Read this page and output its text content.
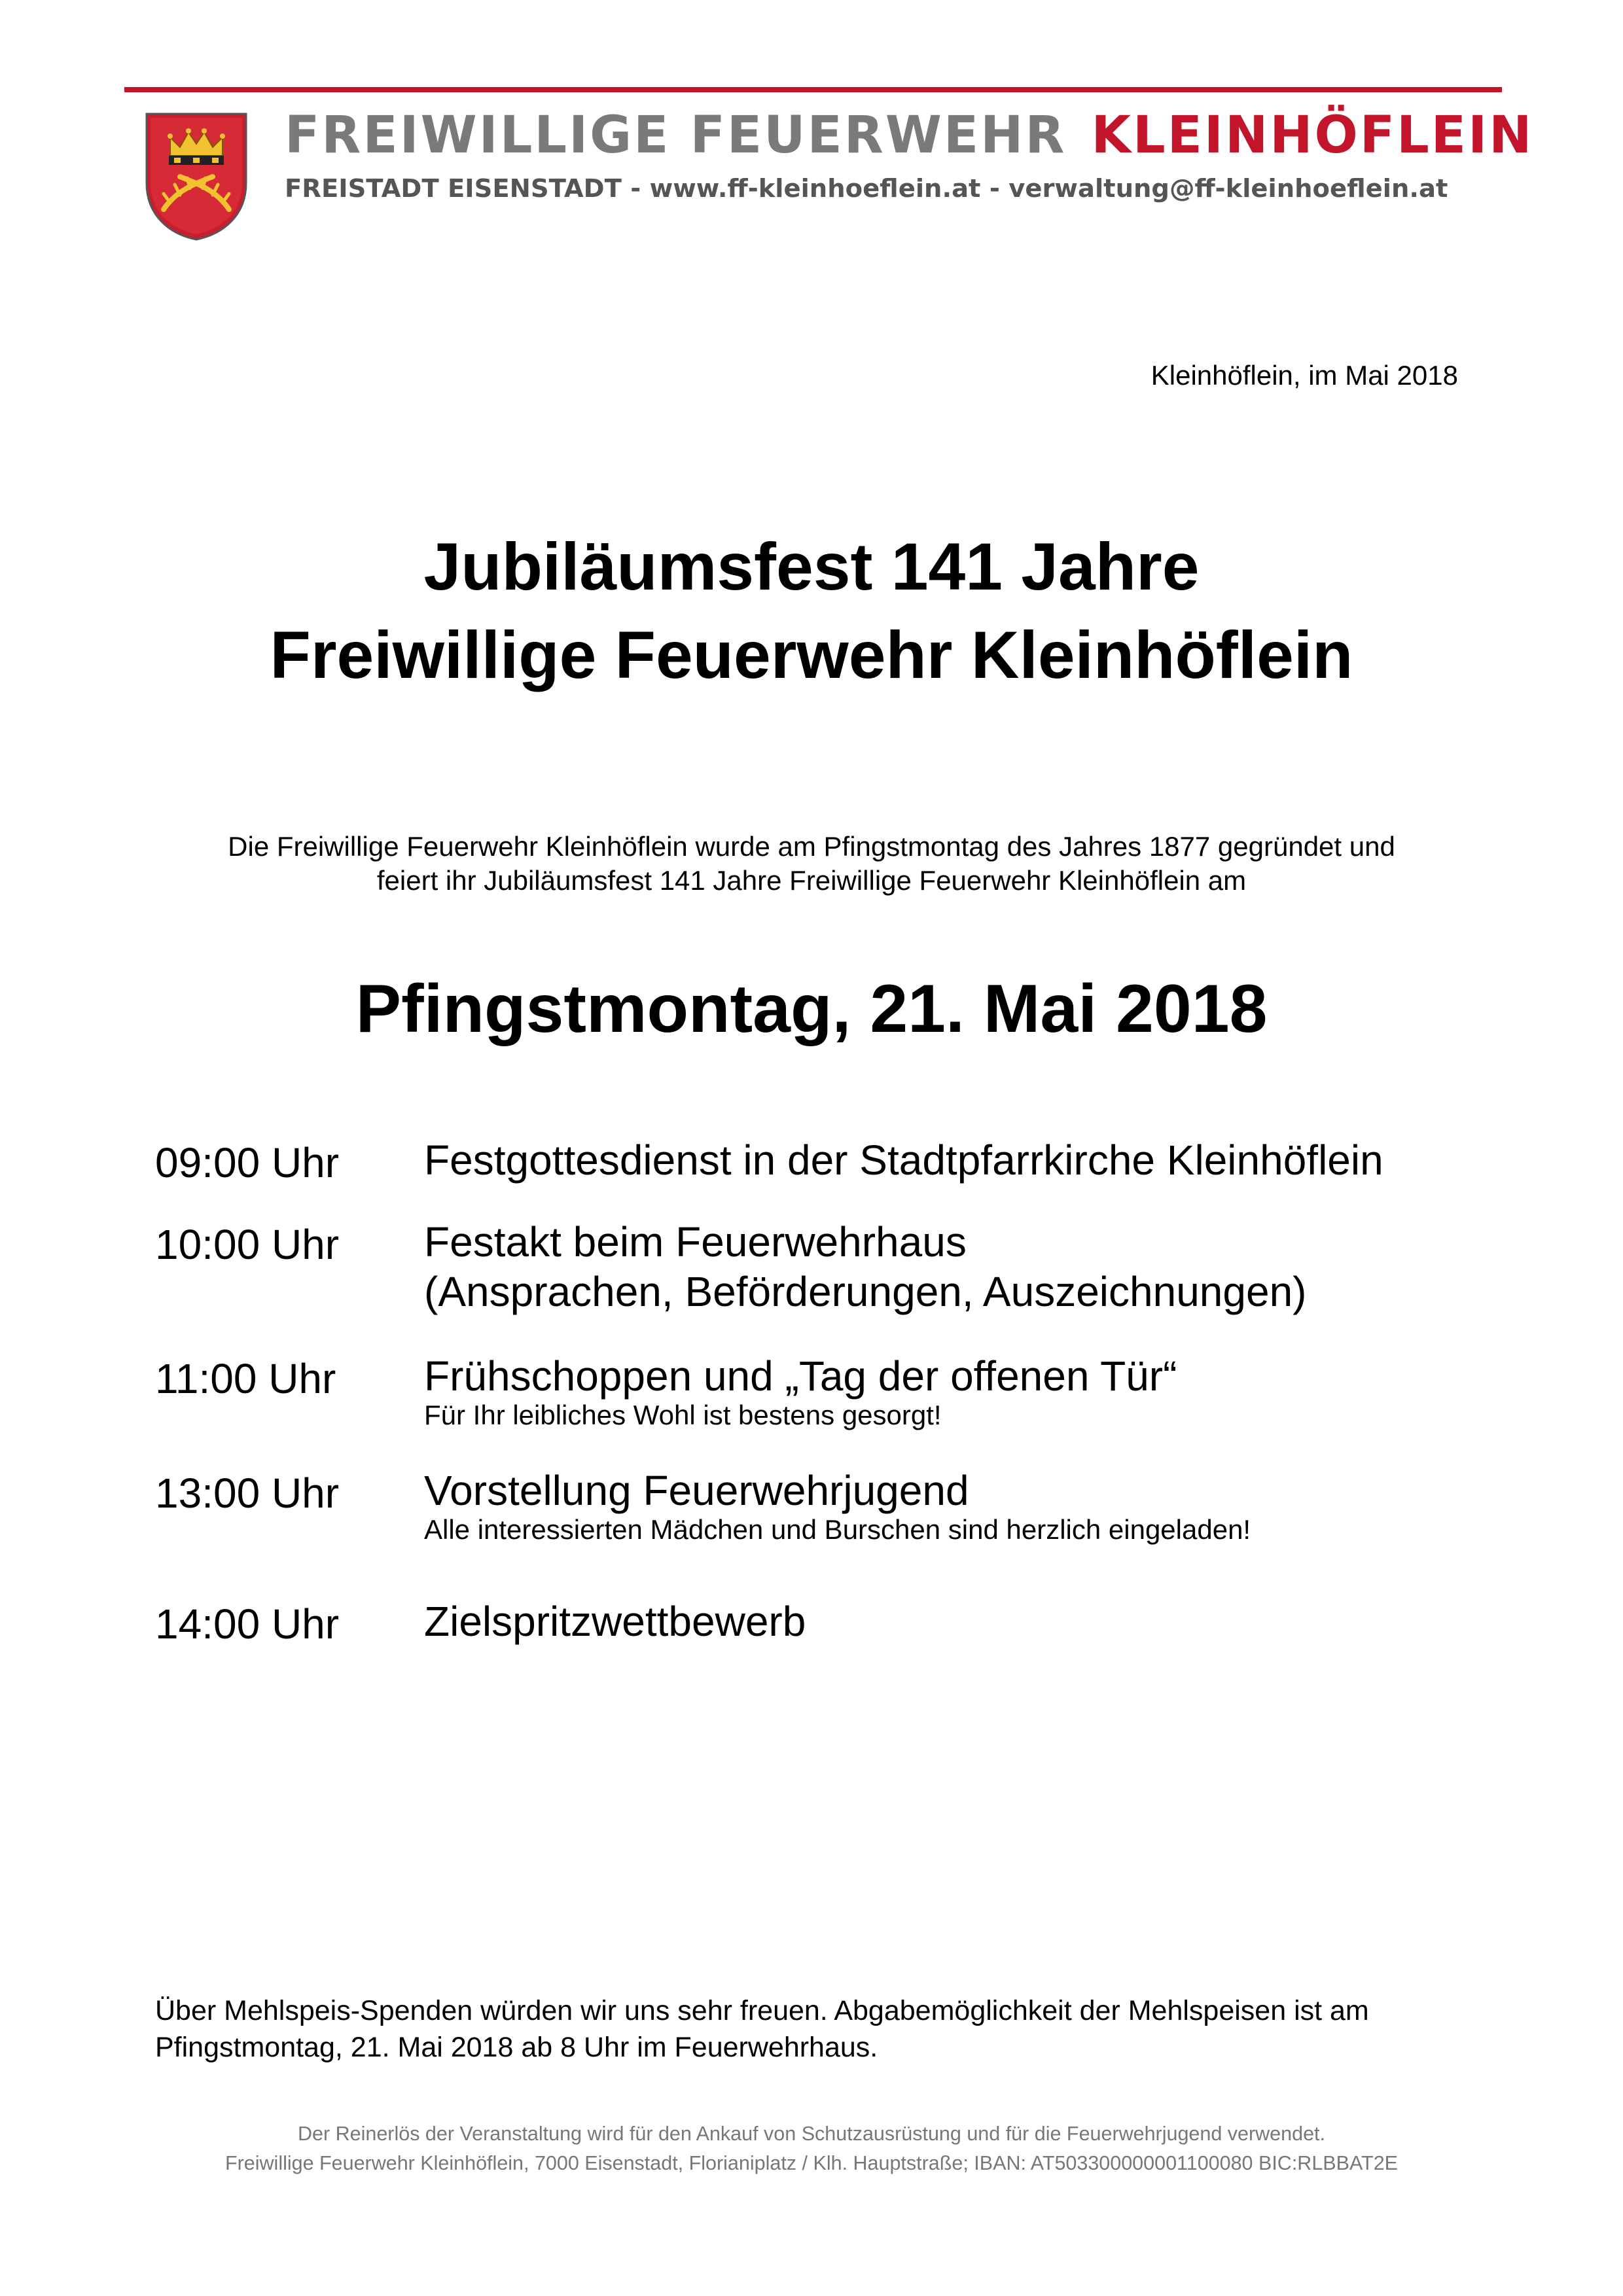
FREIWILLIGE FEUERWEHR KLEINHÖFLEIN
FREISTADT EISENSTADT - www.ff-kleinhoeflein.at - verwaltung@ff-kleinhoeflein.at
Kleinhöflein, im Mai 2018
Jubiläumsfest 141 Jahre
Freiwillige Feuerwehr Kleinhöflein
Die Freiwillige Feuerwehr Kleinhöflein wurde am Pfingstmontag des Jahres 1877 gegründet und
feiert ihr Jubiläumsfest 141 Jahre Freiwillige Feuerwehr Kleinhöflein am
Pfingstmontag, 21. Mai 2018
09:00 Uhr Festgottesdienst in der Stadtpfarrkirche Kleinhöflein
10:00 Uhr Festakt beim Feuerwehrhaus
(Ansprachen, Beförderungen, Auszeichnungen)
11:00 Uhr Frühschoppen und „Tag der offenen Tür“
Für Ihr leibliches Wohl ist bestens gesorgt!
13:00 Uhr Vorstellung Feuerwehrjugend
Alle interessierten Mädchen und Burschen sind herzlich eingeladen!
14:00 Uhr Zielspritzwettbewerb
Über Mehlspeis-Spenden würden wir uns sehr freuen. Abgabemöglichkeit der Mehlspeisen ist am Pfingstmontag, 21. Mai 2018 ab 8 Uhr im Feuerwehrhaus.
Der Reinerlös der Veranstaltung wird für den Ankauf von Schutzausrüstung und für die Feuerwehrjugend verwendet.
Freiwillige Feuerwehr Kleinhöflein, 7000 Eisenstadt, Florianiplatz / Klh. Hauptstraße; IBAN: AT503300000001100080 BIC:RLBBAT2E
